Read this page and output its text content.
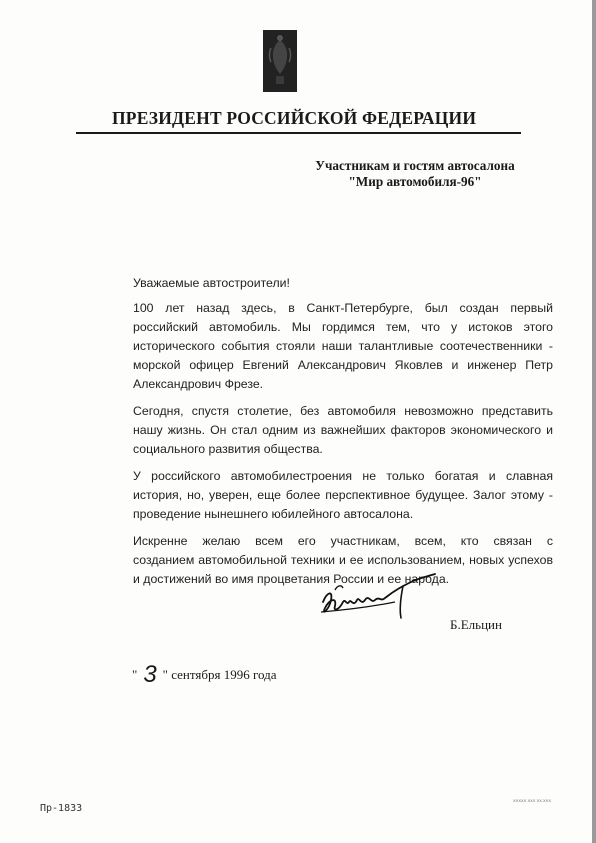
ПРЕЗИДЕНТ РОССИЙСКОЙ ФЕДЕРАЦИИ
Участникам и гостям автосалона
"Мир автомобиля-96"
Уважаемые автостроители!
100 лет назад здесь, в Санкт-Петербурге, был создан первый
российский автомобиль. Мы гордимся тем, что у истоков этого
исторического события стояли наши талантливые соотечественники -
морской офицер Евгений Александрович Яковлев и инженер Петр
Александрович Фрезе.
Сегодня, спустя столетие, без автомобиля невозможно представить
нашу жизнь. Он стал одним из важнейших факторов экономического и
социального развития общества.
У российского автомобилестроения не только богатая и славная
история, но, уверен, еще более перспективное будущее. Залог этому -
проведение нынешнего юбилейного автосалона.
Искренне желаю всем его участникам, всем, кто связан с
созданием автомобильной техники и ее использованием, новых успехов
и достижений во имя процветания России и ее народа.
Б.Ельцин
" 3 " сентября 1996 года
Пр-1833
XXXXX XXX XX.XXX
